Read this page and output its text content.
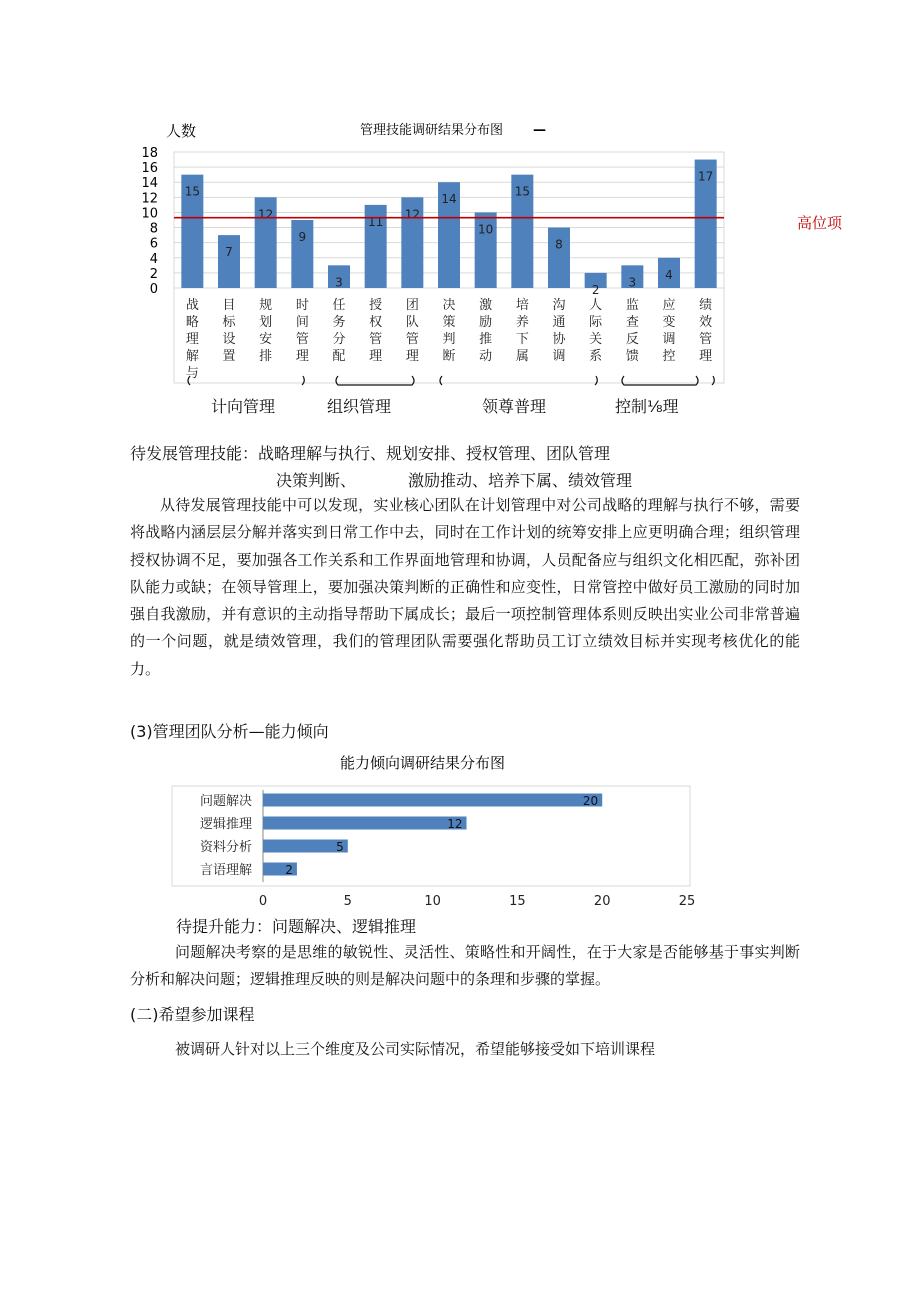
管理技能调研结果分布图 —
人数
0
2
4
6
8
10
12
14
16
18
15
7
12
9
3
11
12
14
10
15
8
2
3
4
17
战略理解与
目标设置
规划安排
时间管理
任务分配
授权管理
团队管理
决策判断
激励推动
培养下属
沟通协调
人际关系
监查反馈
应变调控
绩效管理
高位项
计向管理	组织管理	领尊普理	控制⅛理
待发展管理技能：战略理解与执行、规划安排、授权管理、团队管理
决策判断、	激励推动、培养下属、绩效管理
从待发展管理技能中可以发现，实业核心团队在计划管理中对公司战略的理解与执行不够，需要将战略内涵层层分解并落实到日常工作中去，同时在工作计划的统筹安排上应更明确合理；组织管理授权协调不足，要加强各工作关系和工作界面地管理和协调，人员配备应与组织文化相匹配，弥补团队能力或缺；在领导管理上，要加强决策判断的正确性和应变性，日常管控中做好员工激励的同时加强自我激励，并有意识的主动指导帮助下属成长；最后一项控制管理体系则反映出实业公司非常普遍的一个问题，就是绩效管理，我们的管理团队需要强化帮助员工订立绩效目标并实现考核优化的能力。
(3)管理团队分析—能力倾向
能力倾向调研结果分布图
20
12
5
2
问题解决
逻辑推理
资料分析
言语理解
0	5	10	15	20	25
待提升能力：问题解决、逻辑推理
问题解决考察的是思维的敏锐性、灵活性、策略性和开阔性，在于大家是否能够基于事实判断分析和解决问题；逻辑推理反映的则是解决问题中的条理和步骤的掌握。
(二)希望参加课程
被调研人针对以上三个维度及公司实际情况，希望能够接受如下培训课程
